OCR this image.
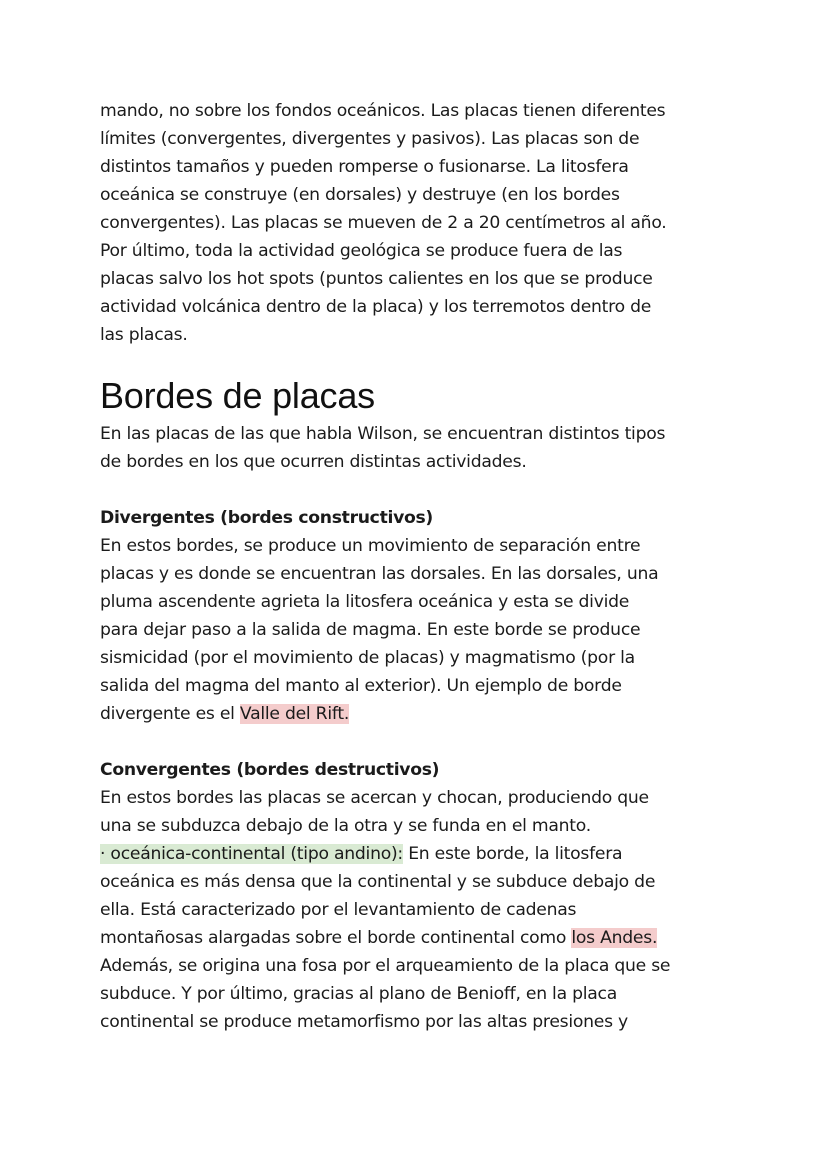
mando, no sobre los fondos oceánicos. Las placas tienen diferentes
límites (convergentes, divergentes y pasivos). Las placas son de
distintos tamaños y pueden romperse o fusionarse. La litosfera
oceánica se construye (en dorsales) y destruye (en los bordes
convergentes). Las placas se mueven de 2 a 20 centímetros al año.
Por último, toda la actividad geológica se produce fuera de las
placas salvo los hot spots (puntos calientes en los que se produce
actividad volcánica dentro de la placa) y los terremotos dentro de
las placas.

Bordes de placas

En las placas de las que habla Wilson, se encuentran distintos tipos
de bordes en los que ocurren distintas actividades.

Divergentes (bordes constructivos)

En estos bordes, se produce un movimiento de separación entre
placas y es donde se encuentran las dorsales. En las dorsales, una
pluma ascendente agrieta la litosfera oceánica y esta se divide
para dejar paso a la salida de magma. En este borde se produce
sismicidad (por el movimiento de placas) y magmatismo (por la
salida del magma del manto al exterior). Un ejemplo de borde
divergente es el Valle del Rift.

Convergentes (bordes destructivos)

En estos bordes las placas se acercan y chocan, produciendo que
una se subduzca debajo de la otra y se funda en el manto.
· oceánica-continental (tipo andino): En este borde, la litosfera
oceánica es más densa que la continental y se subduce debajo de
ella. Está caracterizado por el levantamiento de cadenas
montañosas alargadas sobre el borde continental como los Andes.
Además, se origina una fosa por el arqueamiento de la placa que se
subduce. Y por último, gracias al plano de Benioff, en la placa
continental se produce metamorfismo por las altas presiones y
